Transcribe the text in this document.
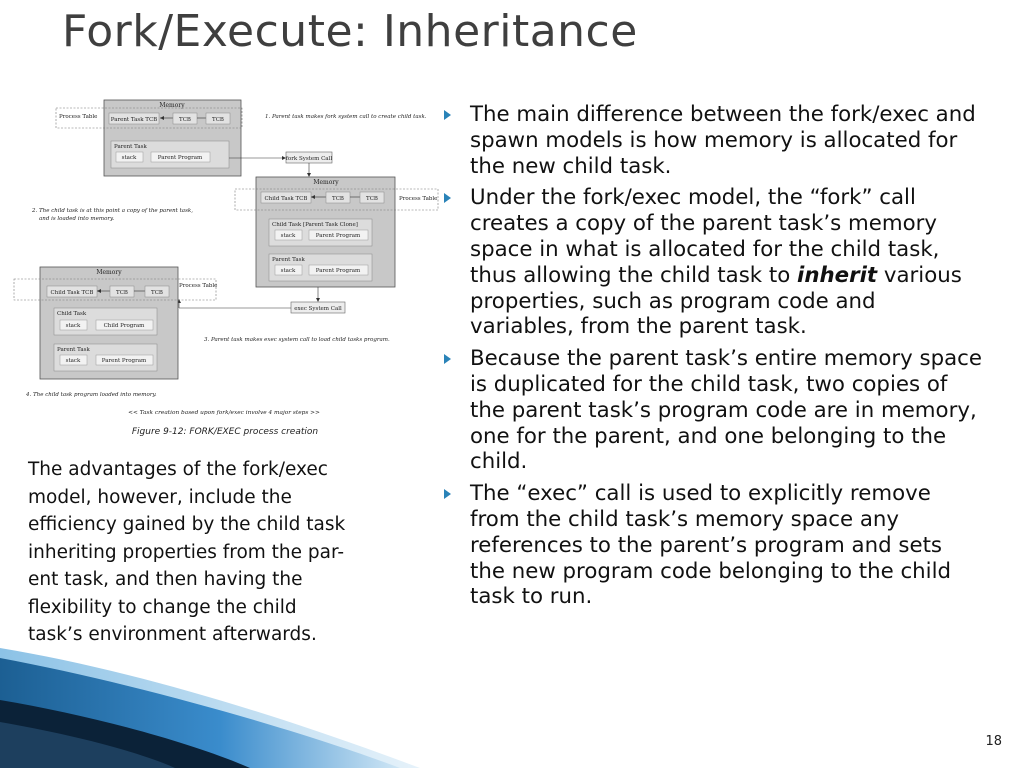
Fork/Execute: Inheritance
Memory
Process Table Parent Task TCB	TCB	TCB
Parent Task
stack	Parent Program
1. Parent task makes fork system call to create child task.
fork System Call
Memory
Process Table
Child Task TCB	TCB	TCB
Child Task [Parent Task Clone]
stack	Parent Program
Parent Task
stack	Parent Program
2. The child task is at this point a copy of the parent task,
and is loaded into memory.
exec System Call
Memory
Process Table
Child Task TCB	TCB	TCB
Child Task
stack	Child Program
Parent Task
stack	Parent Program
3. Parent task makes exec system call to load child tasks program.
4. The child task program loaded into memory.
<< Task creation based upon fork/exec involve 4 major steps >>
Figure 9-12: FORK/EXEC process creation
The advantages of the fork/exec
model, however, include the
efficiency gained by the child task
inheriting properties from the par-
ent task, and then having the
flexibility to change the child
task’s environment afterwards.
The main difference between the fork/exec and spawn models is how memory is allocated for the new child task.
Under the fork/exec model, the “fork” call creates a copy of the parent task’s memory space in what is allocated for the child task, thus allowing the child task to inherit various properties, such as program code and variables, from the parent task.
Because the parent task’s entire memory space is duplicated for the child task, two copies of the parent task’s program code are in memory, one for the parent, and one belonging to the child.
The “exec” call is used to explicitly remove from the child task’s memory space any references to the parent’s program and sets the new program code belonging to the child task to run.
18
